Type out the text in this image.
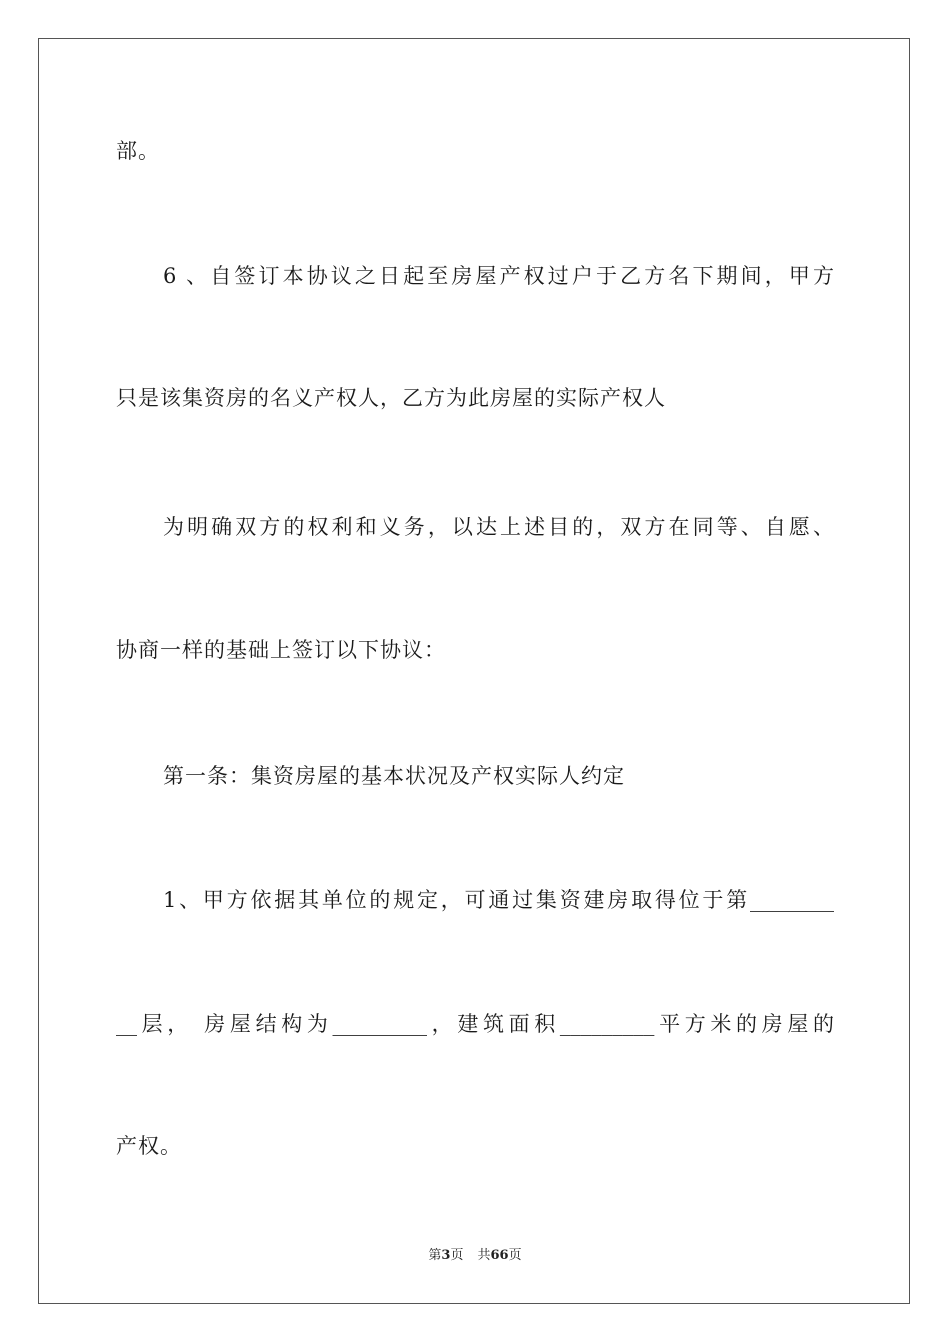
部。
6 、自签订本协议之日起至房屋产权过户于乙方名下期间，甲方
只是该集资房的名义产权人，乙方为此房屋的实际产权人
为明确双方的权利和义务，以达上述目的，双方在同等、自愿、
协商一样的基础上签订以下协议：
第一条：集资房屋的基本状况及产权实际人约定
1、甲方依据其单位的规定，可通过集资建房取得位于第________
__层， 房屋结构为_________，建筑面积_________平方米的房屋的
产权。
第3页 共66页
